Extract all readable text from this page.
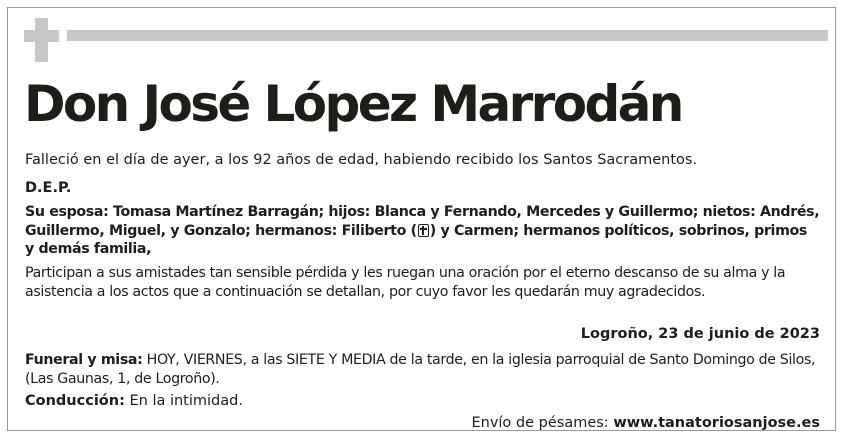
Don José López Marrodán

Falleció en el día de ayer, a los 92 años de edad, habiendo recibido los Santos Sacramentos.

D.E.P.

Su esposa: Tomasa Martínez Barragán; hijos: Blanca y Fernando, Mercedes y Guillermo; nietos: Andrés, Guillermo, Miguel, y Gonzalo; hermanos: Filiberto ( ) y Carmen; hermanos políticos, sobrinos, primos y demás familia,

Participan a sus amistades tan sensible pérdida y les ruegan una oración por el eterno descanso de su alma y la asistencia a los actos que a continuación se detallan, por cuyo favor les quedarán muy agradecidos.

Logroño, 23 de junio de 2023

Funeral y misa: HOY, VIERNES, a las SIETE Y MEDIA de la tarde, en la iglesia parroquial de Santo Domingo de Silos, (Las Gaunas, 1, de Logroño).

Conducción: En la intimidad.

Envío de pésames: www.tanatoriosanjose.es
